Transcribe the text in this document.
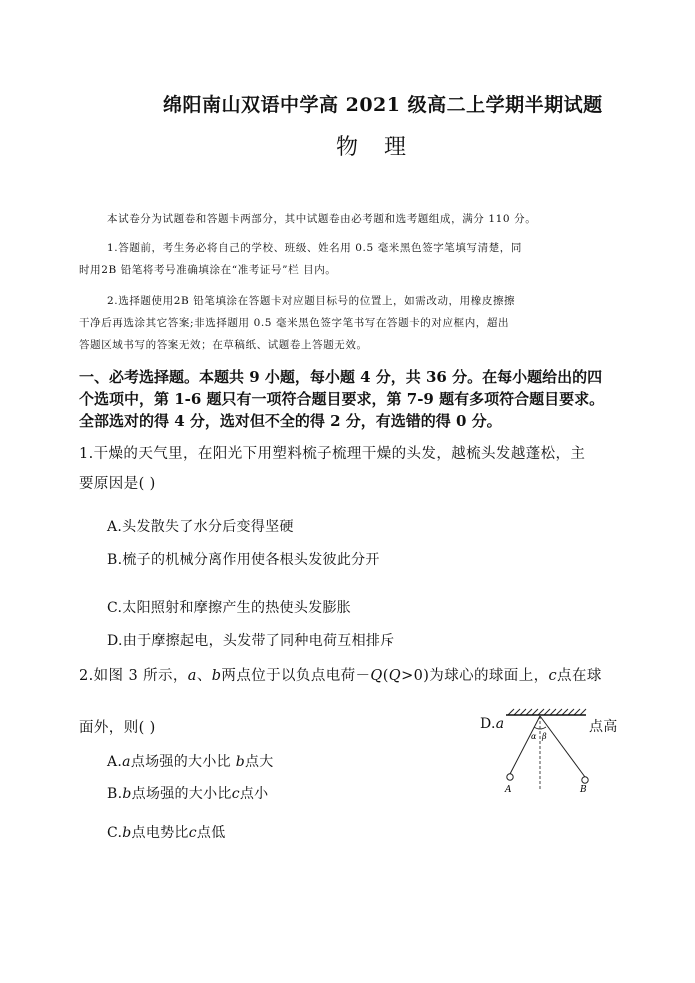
绵阳南山双语中学高 2021 级高二上学期半期试题
物理
本试卷分为试题卷和答题卡两部分，其中试题卷由必考题和选考题组成，满分 110 分。
1.答题前，考生务必将自己的学校、班级、姓名用 0.5 毫米黑色签字笔填写清楚，同
时用2B 铅笔将考号准确填涂在“准考证号”栏 目内。
2.选择题使用2B 铅笔填涂在答题卡对应题目标号的位置上，如需改动，用橡皮擦擦
干净后再选涂其它答案;非选择题用 0.5 毫米黑色签字笔书写在答题卡的对应框内，超出
答题区域书写的答案无效；在草稿纸、试题卷上答题无效。
一、必考选择题。本题共 9 小题，每小题 4 分，共 36 分。在每小题给出的四
个选项中，第 1-6 题只有一项符合题目要求，第 7-9 题有多项符合题目要求。
全部选对的得 4 分，选对但不全的得 2 分，有选错的得 0 分。
1.干燥的天气里，在阳光下用塑料梳子梳理干燥的头发，越梳头发越蓬松，主
要原因是( )
A.头发散失了水分后变得坚硬
B.梳子的机械分离作用使各根头发彼此分开
C.太阳照射和摩擦产生的热使头发膨胀
D.由于摩擦起电，头发带了同种电荷互相排斥
2.如图 3 所示，a、b两点位于以负点电荷－Q(Q>0)为球心的球面上，c点在球
面外，则( )
A.a点场强的大小比 b点大
B.b点场强的大小比c点小
C.b点电势比c点低
D.a	点高
α β
A	B
